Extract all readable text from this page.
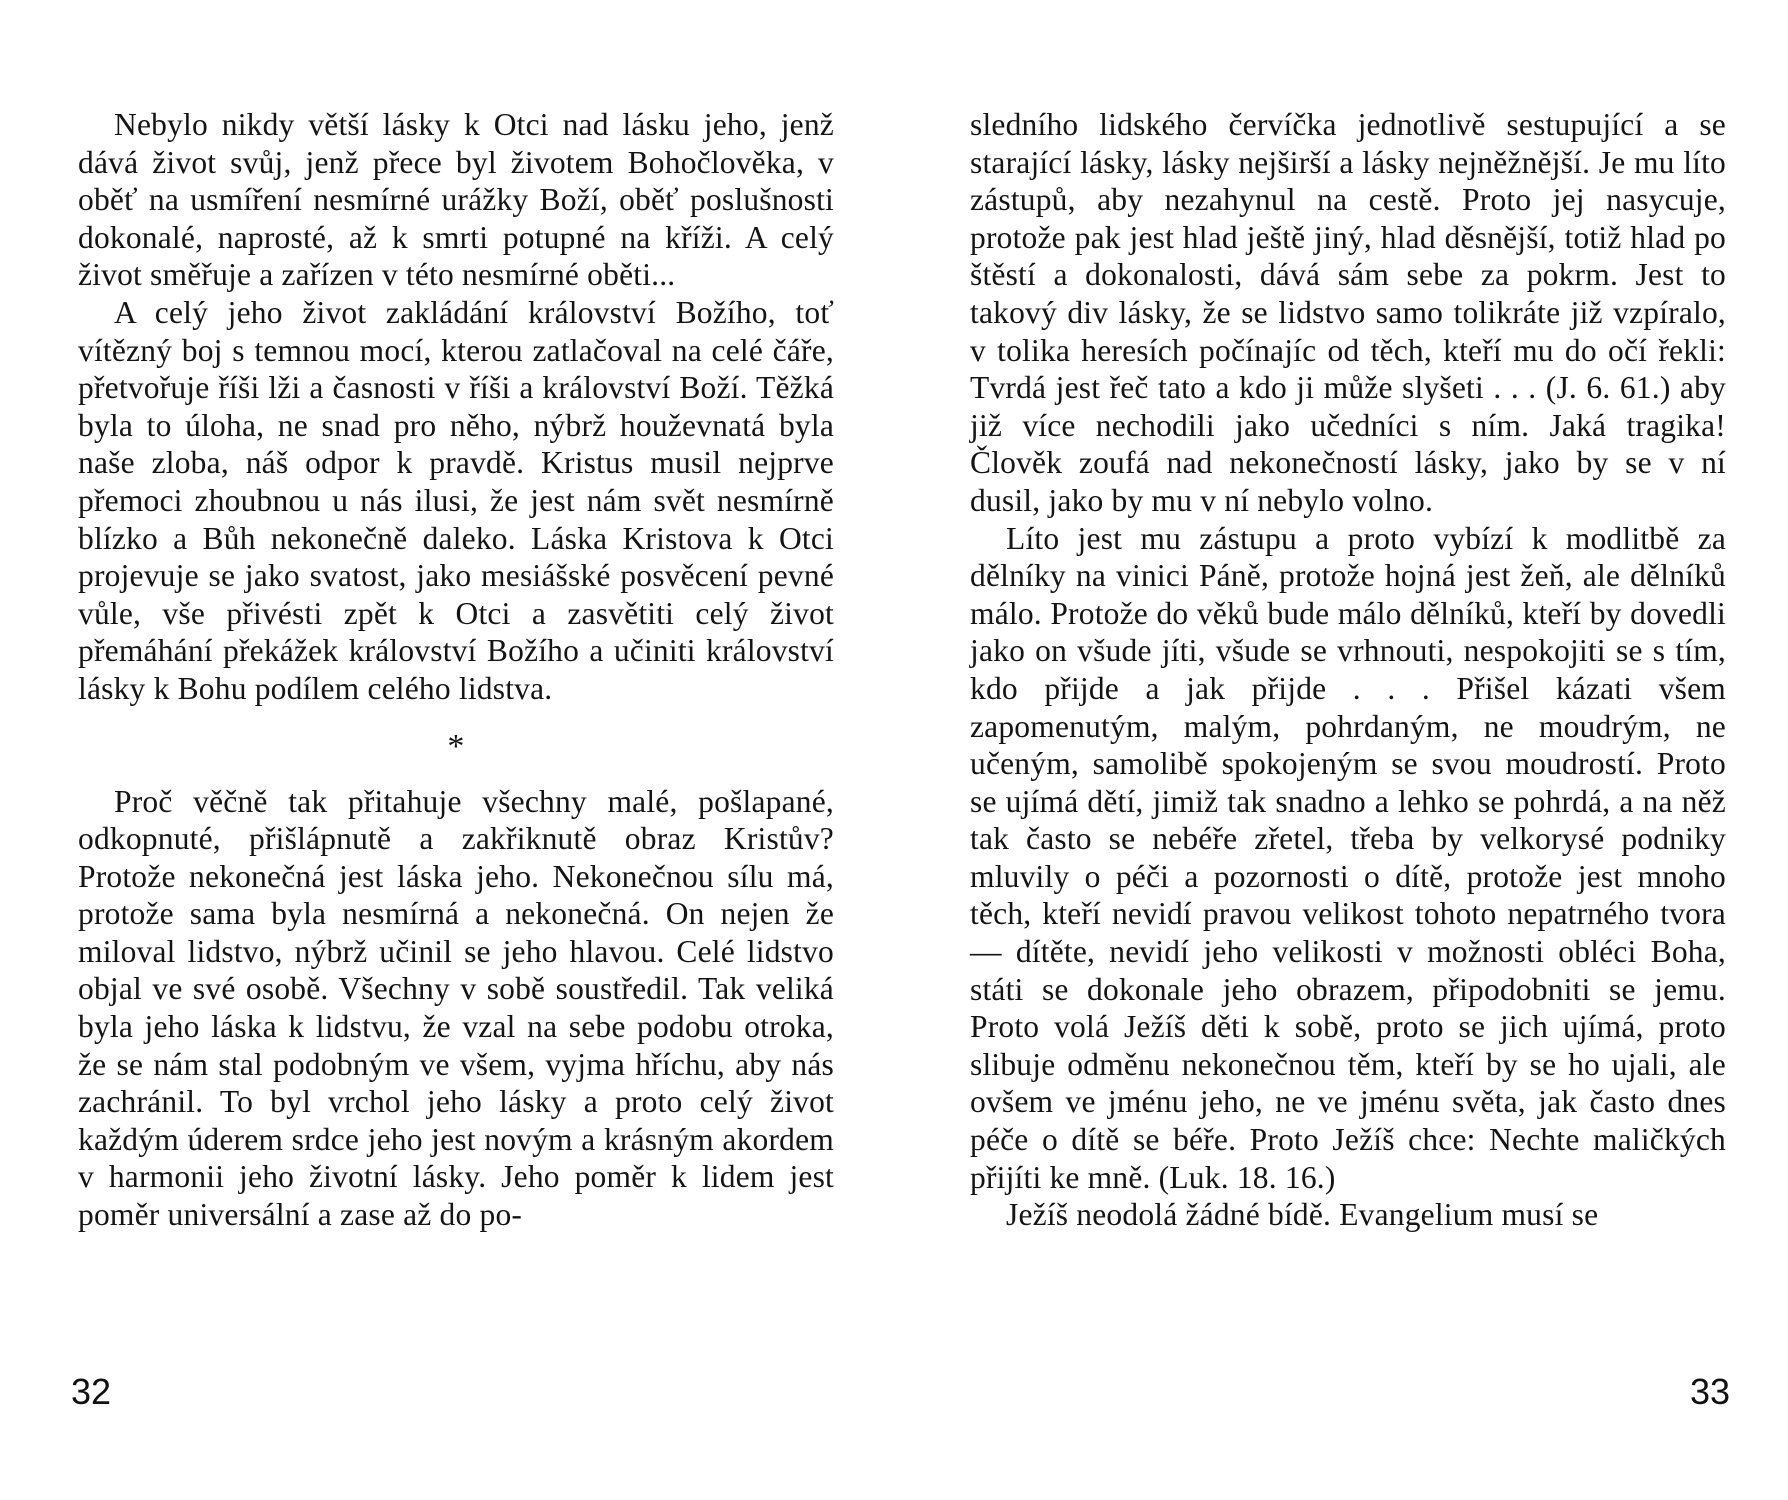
Nebylo nikdy větší lásky k Otci nad lásku jeho, jenž dává život svůj, jenž přece byl životem Bohočlověka, v oběť na usmíření nesmírné urážky Boží, oběť poslušnosti dokonalé, naprosté, až k smrti potupné na kříži. A celý život směřuje a zařízen v této nesmírné oběti...

A celý jeho život zakládání království Božího, toť vítězný boj s temnou mocí, kterou zatlačoval na celé čáře, přetvořuje říši lži a časnosti v říši a království Boží. Těžká byla to úloha, ne snad pro něho, nýbrž houževnatá byla naše zloba, náš odpor k pravdě. Kristus musil nejprve přemoci zhoubnou u nás ilusi, že jest nám svět nesmírně blízko a Bůh nekonečně daleko. Láska Kristova k Otci projevuje se jako svatost, jako mesiášské posvěcení pevné vůle, vše přivésti zpět k Otci a zasvětiti celý život přemáhání překážek království Božího a učiniti království lásky k Bohu podílem celého lidstva.

*

Proč věčně tak přitahuje všechny malé, pošlapané, odkopnuté, přišlápnutě a zakřiknutě obraz Kristův? Protože nekonečná jest láska jeho. Nekonečnou sílu má, protože sama byla nesmírná a nekonečná. On nejen že miloval lidstvo, nýbrž učinil se jeho hlavou. Celé lidstvo objal ve své osobě. Všechny v sobě soustředil. Tak veliká byla jeho láska k lidstvu, že vzal na sebe podobu otroka, že se nám stal podobným ve všem, vyjma hříchu, aby nás zachránil. To byl vrchol jeho lásky a proto celý život každým úderem srdce jeho jest novým a krásným akordem v harmonii jeho životní lásky. Jeho poměr k lidem jest poměr universální a zase až do po-

32

sledního lidského červíčka jednotlivě sestupující a se starající lásky, lásky nejširší a lásky nejněžnější. Je mu líto zástupů, aby nezahynul na cestě. Proto jej nasycuje, protože pak jest hlad ještě jiný, hlad děsnější, totiž hlad po štěstí a dokonalosti, dává sám sebe za pokrm. Jest to takový div lásky, že se lidstvo samo tolikráte již vzpíralo, v tolika heresích počínajíc od těch, kteří mu do očí řekli: Tvrdá jest řeč tato a kdo ji může slyšeti . . . (J. 6. 61.) aby již více nechodili jako učedníci s ním. Jaká tragika! Člověk zoufá nad nekonečností lásky, jako by se v ní dusil, jako by mu v ní nebylo volno.

Líto jest mu zástupu a proto vybízí k modlitbě za dělníky na vinici Páně, protože hojná jest žeň, ale dělníků málo. Protože do věků bude málo dělníků, kteří by dovedli jako on všude jíti, všude se vrhnouti, nespokojiti se s tím, kdo přijde a jak přijde . . . Přišel kázati všem zapomenutým, malým, pohrdaným, ne moudrým, ne učeným, samolibě spokojeným se svou moudrostí. Proto se ujímá dětí, jimiž tak snadno a lehko se pohrdá, a na něž tak často se nebéře zřetel, třeba by velkorysé podniky mluvily o péči a pozornosti o dítě, protože jest mnoho těch, kteří nevidí pravou velikost tohoto nepatrného tvora — dítěte, nevidí jeho velikosti v možnosti obléci Boha, státi se dokonale jeho obrazem, připodobniti se jemu. Proto volá Ježíš děti k sobě, proto se jich ujímá, proto slibuje odměnu nekonečnou těm, kteří by se ho ujali, ale ovšem ve jménu jeho, ne ve jménu světa, jak často dnes péče o dítě se béře. Proto Ježíš chce: Nechte maličkých přijíti ke mně. (Luk. 18. 16.)

Ježíš neodolá žádné bídě. Evangelium musí se

33
